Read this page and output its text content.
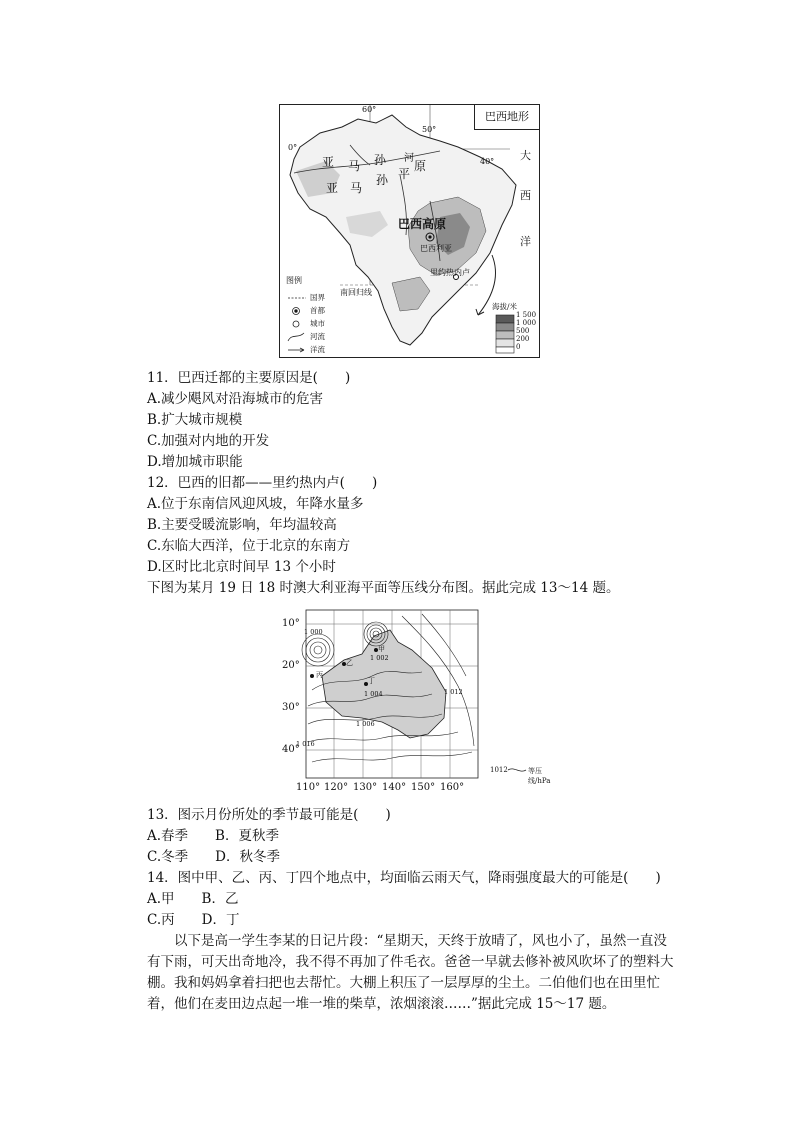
巴西地形
60°
50°
40°
0°
亚 马 孙 河
亚 马
孙 平
原
巴西高原
大
西
洋
巴西利亚
里约热内卢
南回归线
图例
国界
首都
城市
河流
洋流
海拔/米
1 500
1 000
500
200
0
11．巴西迁都的主要原因是(　　)
A.减少飓风对沿海城市的危害
B.扩大城市规模
C.加强对内地的开发
D.增加城市职能
12．巴西的旧都——里约热内卢(　　)
A.位于东南信风迎风坡，年降水量多
B.主要受暖流影响，年均温较高
C.东临大西洋，位于北京的东南方
D.区时比北京时间早 13 个小时
下图为某月 19 日 18 时澳大利亚海平面等压线分布图。据此完成 13～14 题。
10°
20°
30°
40°
110° 120° 130° 140° 150° 160°
1 000
1 002
1 004
1 006
1 012
1 016
甲
乙
丙
丁
1012	等压线/hPa
13．图示月份所处的季节最可能是(　　)
A.春季　　B．夏秋季
C.冬季　　D．秋冬季
14．图中甲、乙、丙、丁四个地点中，均面临云雨天气，降雨强度最大的可能是(　　)
A.甲　　B．乙
C.丙　　D．丁
以下是高一学生李某的日记片段：“星期天，天终于放晴了，风也小了，虽然一直没有下雨，可天出奇地冷，我不得不再加了件毛衣。爸爸一早就去修补被风吹坏了的塑料大棚。我和妈妈拿着扫把也去帮忙。大棚上积压了一层厚厚的尘土。二伯他们也在田里忙着，他们在麦田边点起一堆一堆的柴草，浓烟滚滚……”据此完成 15～17 题。
